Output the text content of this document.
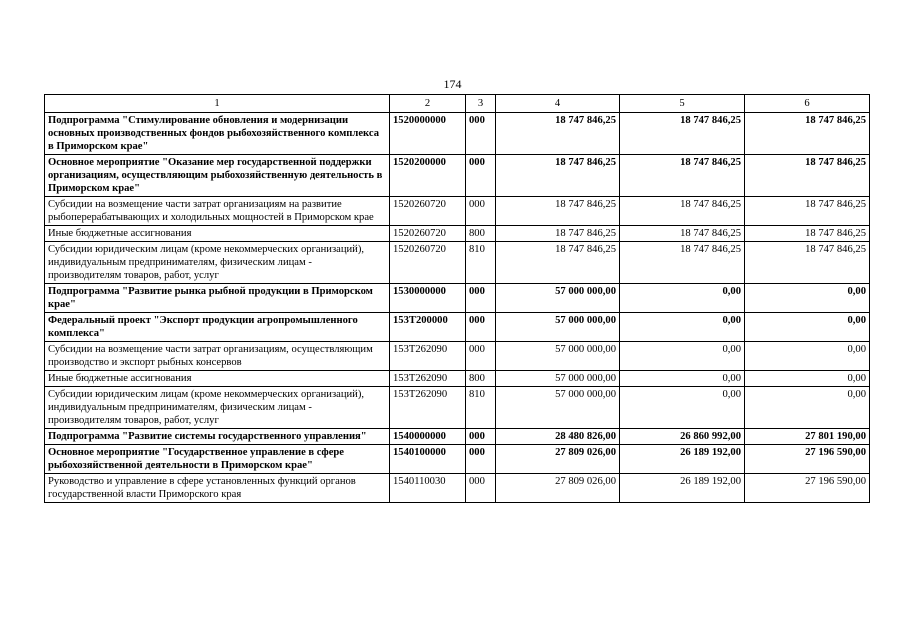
174
1	2	3	4	5	6
Подпрограмма "Стимулирование обновления и модернизации основных производственных фондов рыбохозяйственного комплекса в Приморском крае"	1520000000	000	18 747 846,25	18 747 846,25	18 747 846,25
Основное мероприятие "Оказание мер государственной поддержки организациям, осуществляющим рыбохозяйственную деятельность в Приморском крае"	1520200000	000	18 747 846,25	18 747 846,25	18 747 846,25
Субсидии на возмещение части затрат организациям на развитие рыбоперерабатывающих и холодильных мощностей в Приморском крае	1520260720	000	18 747 846,25	18 747 846,25	18 747 846,25
Иные бюджетные ассигнования	1520260720	800	18 747 846,25	18 747 846,25	18 747 846,25
Субсидии юридическим лицам (кроме некоммерческих организаций), индивидуальным предпринимателям, физическим лицам - производителям товаров, работ, услуг	1520260720	810	18 747 846,25	18 747 846,25	18 747 846,25
Подпрограмма "Развитие рынка рыбной продукции в Приморском крае"	1530000000	000	57 000 000,00	0,00	0,00
Федеральный проект "Экспорт продукции агропромышленного комплекса"	153Т200000	000	57 000 000,00	0,00	0,00
Субсидии на возмещение части затрат организациям, осуществляющим производство и экспорт рыбных консервов	153Т262090	000	57 000 000,00	0,00	0,00
Иные бюджетные ассигнования	153Т262090	800	57 000 000,00	0,00	0,00
Субсидии юридическим лицам (кроме некоммерческих организаций), индивидуальным предпринимателям, физическим лицам - производителям товаров, работ, услуг	153Т262090	810	57 000 000,00	0,00	0,00
Подпрограмма "Развитие системы государственного управления"	1540000000	000	28 480 826,00	26 860 992,00	27 801 190,00
Основное мероприятие "Государственное управление в сфере рыбохозяйственной деятельности в Приморском крае"	1540100000	000	27 809 026,00	26 189 192,00	27 196 590,00
Руководство и управление в сфере установленных функций органов государственной власти Приморского края	1540110030	000	27 809 026,00	26 189 192,00	27 196 590,00
